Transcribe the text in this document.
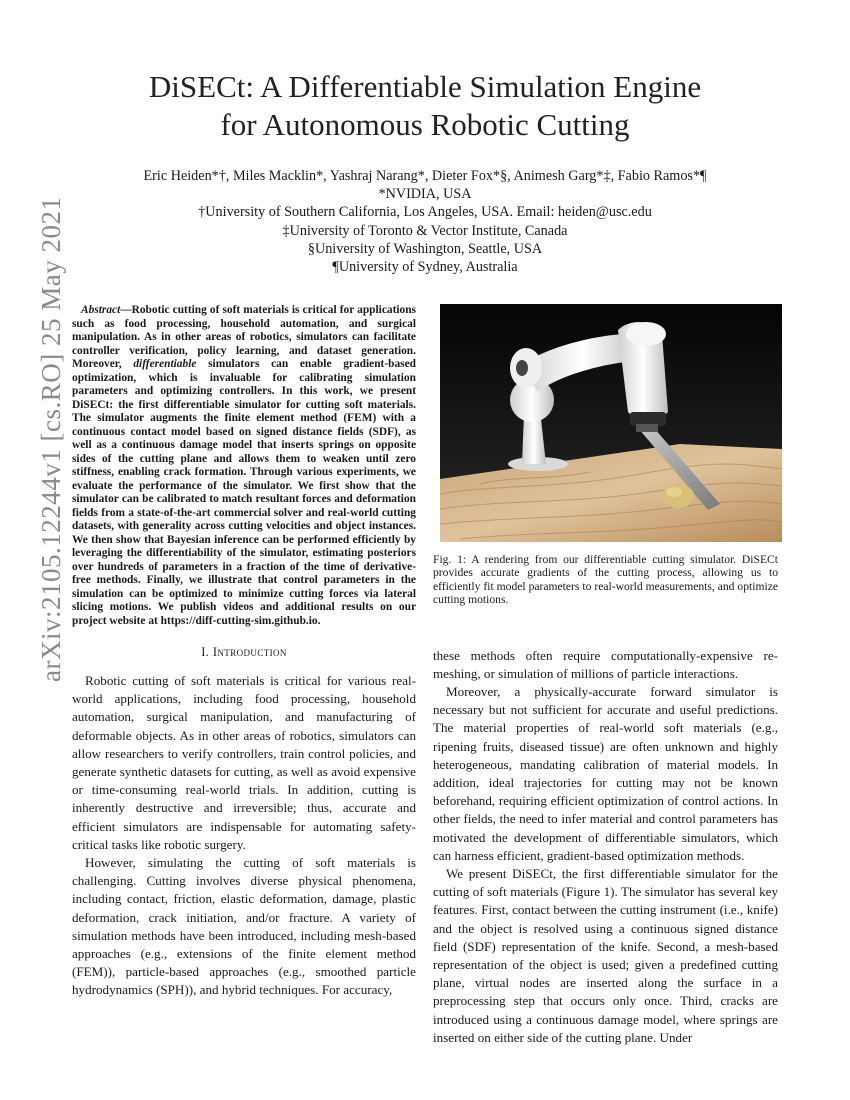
arXiv:2105.12244v1 [cs.RO] 25 May 2021
DiSECt: A Differentiable Simulation Engine
for Autonomous Robotic Cutting
Eric Heiden*†, Miles Macklin*, Yashraj Narang*, Dieter Fox*§, Animesh Garg*‡, Fabio Ramos*¶
*NVIDIA, USA
†University of Southern California, Los Angeles, USA. Email: heiden@usc.edu
‡University of Toronto & Vector Institute, Canada
§University of Washington, Seattle, USA
¶University of Sydney, Australia

Abstract—Robotic cutting of soft materials is critical for applications such as food processing, household automation, and surgical manipulation. As in other areas of robotics, simulators can facilitate controller verification, policy learning, and dataset generation. Moreover, differentiable simulators can enable gradient-based optimization, which is invaluable for calibrating simulation parameters and optimizing controllers. In this work, we present DiSECt: the first differentiable simulator for cutting soft materials. The simulator augments the finite element method (FEM) with a continuous contact model based on signed distance fields (SDF), as well as a continuous damage model that inserts springs on opposite sides of the cutting plane and allows them to weaken until zero stiffness, enabling crack formation. Through various experiments, we evaluate the performance of the simulator. We first show that the simulator can be calibrated to match resultant forces and deformation fields from a state-of-the-art commercial solver and real-world cutting datasets, with generality across cutting velocities and object instances. We then show that Bayesian inference can be performed efficiently by leveraging the differentiability of the simulator, estimating posteriors over hundreds of parameters in a fraction of the time of derivative-free methods. Finally, we illustrate that control parameters in the simulation can be optimized to minimize cutting forces via lateral slicing motions. We publish videos and additional results on our project website at https://diff-cutting-sim.github.io.

I. Introduction

Robotic cutting of soft materials is critical for various real-world applications, including food processing, household automation, surgical manipulation, and manufacturing of deformable objects. As in other areas of robotics, simulators can allow researchers to verify controllers, train control policies, and generate synthetic datasets for cutting, as well as avoid expensive or time-consuming real-world trials. In addition, cutting is inherently destructive and irreversible; thus, accurate and efficient simulators are indispensable for automating safety-critical tasks like robotic surgery.

However, simulating the cutting of soft materials is challenging. Cutting involves diverse physical phenomena, including contact, friction, elastic deformation, damage, plastic deformation, crack initiation, and/or fracture. A variety of simulation methods have been introduced, including mesh-based approaches (e.g., extensions of the finite element method (FEM)), particle-based approaches (e.g., smoothed particle hydrodynamics (SPH)), and hybrid techniques. For accuracy,

Fig. 1: A rendering from our differentiable cutting simulator. DiSECt provides accurate gradients of the cutting process, allowing us to efficiently fit model parameters to real-world measurements, and optimize cutting motions.

these methods often require computationally-expensive re-meshing, or simulation of millions of particle interactions.

Moreover, a physically-accurate forward simulator is necessary but not sufficient for accurate and useful predictions. The material properties of real-world soft materials (e.g., ripening fruits, diseased tissue) are often unknown and highly heterogeneous, mandating calibration of material models. In addition, ideal trajectories for cutting may not be known beforehand, requiring efficient optimization of control actions. In other fields, the need to infer material and control parameters has motivated the development of differentiable simulators, which can harness efficient, gradient-based optimization methods.

We present DiSECt, the first differentiable simulator for the cutting of soft materials (Figure 1). The simulator has several key features. First, contact between the cutting instrument (i.e., knife) and the object is resolved using a continuous signed distance field (SDF) representation of the knife. Second, a mesh-based representation of the object is used; given a predefined cutting plane, virtual nodes are inserted along the surface in a preprocessing step that occurs only once. Third, cracks are introduced using a continuous damage model, where springs are inserted on either side of the cutting plane. Under
